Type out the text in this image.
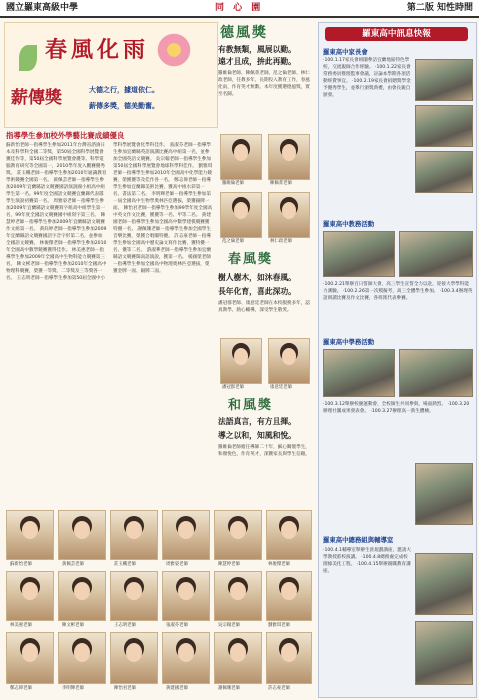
國立羅東高級中學	同 心 園	第二版 知性時間
春風化雨
薪傳獎	大德之行，據道依仁。
薪傳多獎，德美勤奮。
指導學生參加校外學藝比賽成績優良
蘇新怡老師－指導學生參加2011年台灣省諮詢日本及科學科全國二等獎，第50屆全國科學展覽會獲佳作等，第50屆全國科學展覽會優等。科學電腦教育研究等全國第一，2010學年度入觀賽優秀獎。 莊玉楓老師－指導學生參加2010年通識教育學術競賽全國第一名。 黃佩芸老師－指導學生參加2009年宜蘭縣語文競賽國語演說國小組高中組學生第一名。99年度全國語文競賽宜蘭縣代表隊學生演說初賽第一名。 周雅姿老師－指導學生參加2009年宜蘭縣語文競賽寫字組高中組學生第一名，99年度全國語文競賽國中組寫字第三名。 陳慧婷老師－指導學生參加2009年宜蘭縣語文競賽作文組第一名。 黃鈺婷老師－指導學生參加2009年宜蘭縣語文競賽國語字音字形第二名，並參加全國語文競賽。 林俊傑老師－指導學生參加2010年全國高中數學競賽獲得佳作。 林美惠老師－指導學生參加2009年全國高中生物科能力競賽第三名。 陳文彬老師－指導學生參加2010年全國高中物理科競賽，榮獲一等獎、二等獎及三等獎各一名。 王志明老師－指導學生參加第50屆全國中小學科學展覽會化學科佳作。 張淑芬老師－指導學生參加宜蘭縣英語演講比賽高中組第一名，並參加全國英語文競賽。 吳宗翰老師－指導學生參加第50屆全國科學展覽會地球科學科佳作。 劉雅琪老師－指導學生參加2010年全國高中化學能力競賽，榮獲優等及佳作各一名。 鄭志偉老師－指導學生參加宜蘭縣美術比賽，獲高中組水彩第一名、書法第二名。 李明輝老師－指導學生參加第一屆全國高中生物學奧林匹亞選拔，榮獲銀牌一面。 陳怡君老師－指導學生參加99學年度全國高中英文作文比賽，獲優等一名、甲等二名。 黃建國老師－指導學生參加全國高中數學建模競賽獲特優一名。 謝佩珊老師－指導學生參加全國學生音樂比賽，榮獲合唱團特優。 許志豪老師－指導學生參加全國高中歷史論文寫作比賽，獲特優一名、優等二名。 游淑華老師－指導學生參加宜蘭縣語文競賽閩南語演說，獲第一名。 楊國榮老師－指導學生參加全國高中物理奧林匹亞選拔，榮獲金牌一面、銀牌二面。
蘇新怡老師	黃佩芸老師	莊玉楓老師	周雅姿老師	陳慧婷老師	林俊傑老師
林美惠老師	陳文彬老師	王志明老師	張淑芬老師	吳宗翰老師	劉雅琪老師
鄭志偉老師	李明輝老師	陳怡君老師	黃建國老師	謝佩珊老師	許志豪老師
德風獎
有教無類，風展以勤。
遠才且成，拚此再勤。
羅維倫老師、陳佩菁老師、范之倫老師、林仁政老師，任教多年，長期投入教育工作，春風化雨，作育英才無數。本年度獲選德風獎，實至名歸。
羅維倫老師	陳佩菁老師
范之倫老師	林仁政老師
春風獎
樹人樹木，如沐春風。
長年化育，喜此深功。
潘冠群老師、康意廷老師在本校服務多年，認真教學，熱心輔導，深受學生敬愛。
潘冠群老師	康意廷老師
和風獎
法語真言，有方且揮。
導之以和，知風和悅。
羅維倫老師擔任導師二十年，細心關懷學生，和顏悅色，作育英才，深獲家長與學生信賴。
羅東高中訊息快報
羅東高中家長會
‧100.1.17家長會組團參訪宜蘭地區特色學校，交流親師合作經驗。 ‧100.1.22家長會常務委員暨理監事會議，討論本學期各項活動經費事宜。 ‧100.2.19家長會捐贈獎學金予優秀學生，並舉行頒獎典禮，由會長親自頒發。
羅東高中教務活動
‧100.2.21舉辦百日誓師大會，高三學生宣誓全力以赴，迎接大學學科能力測驗。 ‧100.2.26第一次模擬考，高三全體學生參加。 ‧100.3.4辦理英語朗讀比賽及作文比賽，各班派代表參賽。
羅東高中學務活動
‧100.3.12舉辦校慶運動會，全校師生共同參與，場面熱烈。 ‧100.3.20辦理社團成果發表會。 ‧100.3.27辦理高一新生體檢。
羅東高中總務組與輔導室
‧100.4.1輔導室舉辦生涯規劃講座，邀請大學教授蒞校演講。 ‧100.4.8總務處完成校園綠美化工程。 ‧100.4.15舉辦親職教育講座。
